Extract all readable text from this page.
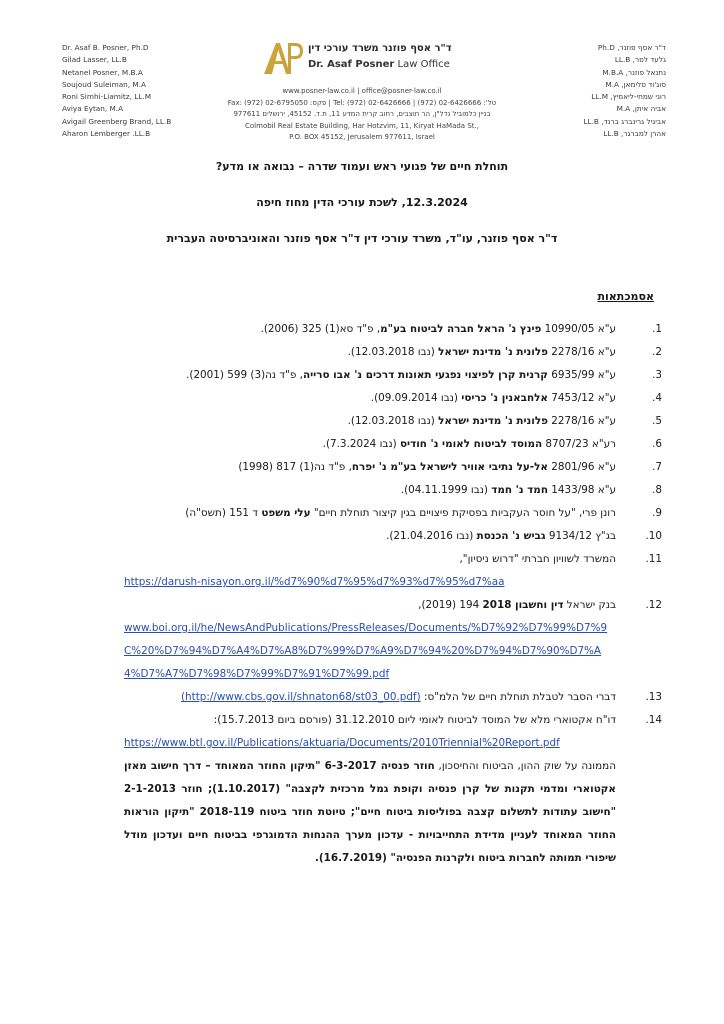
Dr. Asaf B. Posner, Ph.D
Gilad Lasser, LL.B
Netanel Posner, M.B.A
Soujoud Suleiman, M.A
Roni Simhi-Liamitz, LL.M
Aviya Eytan, M.A
Avigail Greenberg Brand, LL.B
Aharon Lemberger .LL.B
ד"ר אסף פוזנר, Ph.D
גלעד לסר, LL.B
נתנאל פוזנר, M.B.A
סוג'וד סלימאן, M.A
רוני שמחי-ליאמיץ, LL.M
אביה איתן, M.A
אביגיל גרינברג ברנד, LL.B
אהרן למברגר, LL.B
ד"ר אסף פוזנר משרד עורכי דין
Dr. Asaf Posner Law Office
www.posner-law.co.il | office@posner-law.co.il
טל': 02-6426666 (972) | Tel: (972) 02-6426666 | פקס: Fax: (972) 02-6795050
בניין כלמוביל נדל"ן, הר חוצבים, רחוב קרית המדע 11, ת.ד. 45152, ירושלים 977611
Colmobil Real Estate Building, Har Hotzvim, 11, Kiryat HaMada St.,
P.O. BOX 45152, Jerusalem 977611, Israel
תוחלת חיים של פגועי ראש ועמוד שדרה – נבואה או מדע?
12.3.2024, לשכת עורכי הדין מחוז חיפה
ד"ר אסף פוזנר, עו"ד, משרד עורכי דין ד"ר אסף פוזנר והאוניברסיטה העברית
אסמכתאות
1.
ע"א 10990/05 פינץ נ' הראל חברה לביטוח בע"מ, פ"ד סא(1) 325 (2006).
2.
ע"א 2278/16 פלונית נ' מדינת ישראל (נבו 12.03.2018).
3.
ע"א 6935/99 קרנית קרן לפיצוי נפגעי תאונות דרכים נ' אבו סרייה, פ"ד נה(3) 599 (2001).
4.
ע"א 7453/12 אלחבאנין נ' כריסי (נבו 09.09.2014).
5.
ע"א 2278/16 פלונית נ' מדינת ישראל (נבו 12.03.2018).
6.
רע"א 8707/23 המוסד לביטוח לאומי נ' חודיס (נבו 7.3.2024).
7.
ע"א 2801/96 אל-על נתיבי אוויר לישראל בע"מ נ' יפרח, פ"ד נה(1) 817 (1998)
8.
ע"א 1433/98 חמד נ' חמד (נבו 04.11.1999).
9.
רונן פרי, "על חוסר העקביות בפסיקת פיצויים בגין קיצור תוחלת חיים" עלי משפט ד 151 (תשס"ה)
10.
בג"ץ 9134/12 גביש נ' הכנסת (נבו 21.04.2016).
11.
המשרד לשוויון חברתי "דרוש ניסיון",
https://darush-nisayon.org.il/%d7%90%d7%95%d7%93%d7%95%d7%aa
12.
בנק ישראל דין וחשבון 2018 194 (2019),
www.boi.org.il/he/NewsAndPublications/PressReleases/Documents/%D7%92%D7%99%D7%9C%20%D7%94%D7%A4%D7%A8%D7%99%D7%A9%D7%94%20%D7%94%D7%90%D7%A4%D7%A7%D7%98%D7%99%D7%91%D7%99.pdf
13.
דברי הסבר לטבלת תוחלת חיים של הלמ"ס: (http://www.cbs.gov.il/shnaton68/st03_00.pdf)
14.
דו"ח אקטוארי מלא של המוסד לביטוח לאומי ליום 31.12.2010 (פורסם ביום 15.7.2013):
https://www.btl.gov.il/Publications/aktuaria/Documents/2010Triennial%20Report.pdf
הממונה על שוק ההון, הביטוח והחיסכון, חוזר פנסיה 6-3-2017 "תיקון החוזר המאוחד – דרך חישוב מאזן אקטוארי ומדמי תקנות של קרן פנסיה וקופת גמל מרכזית לקצבה" (1.10.2017); חוזר 2-1-2013 "חישוב עתודות לתשלום קצבה בפוליסות ביטוח חיים"; טיוטת חוזר ביטוח 2018-119 "תיקון הוראות החוזר המאוחד לעניין מדידת התחייבויות - עדכון מערך ההנחות הדמוגרפי בביטוח חיים ועדכון מודל שיפורי תמותה לחברות ביטוח ולקרנות הפנסיה" (16.7.2019).
